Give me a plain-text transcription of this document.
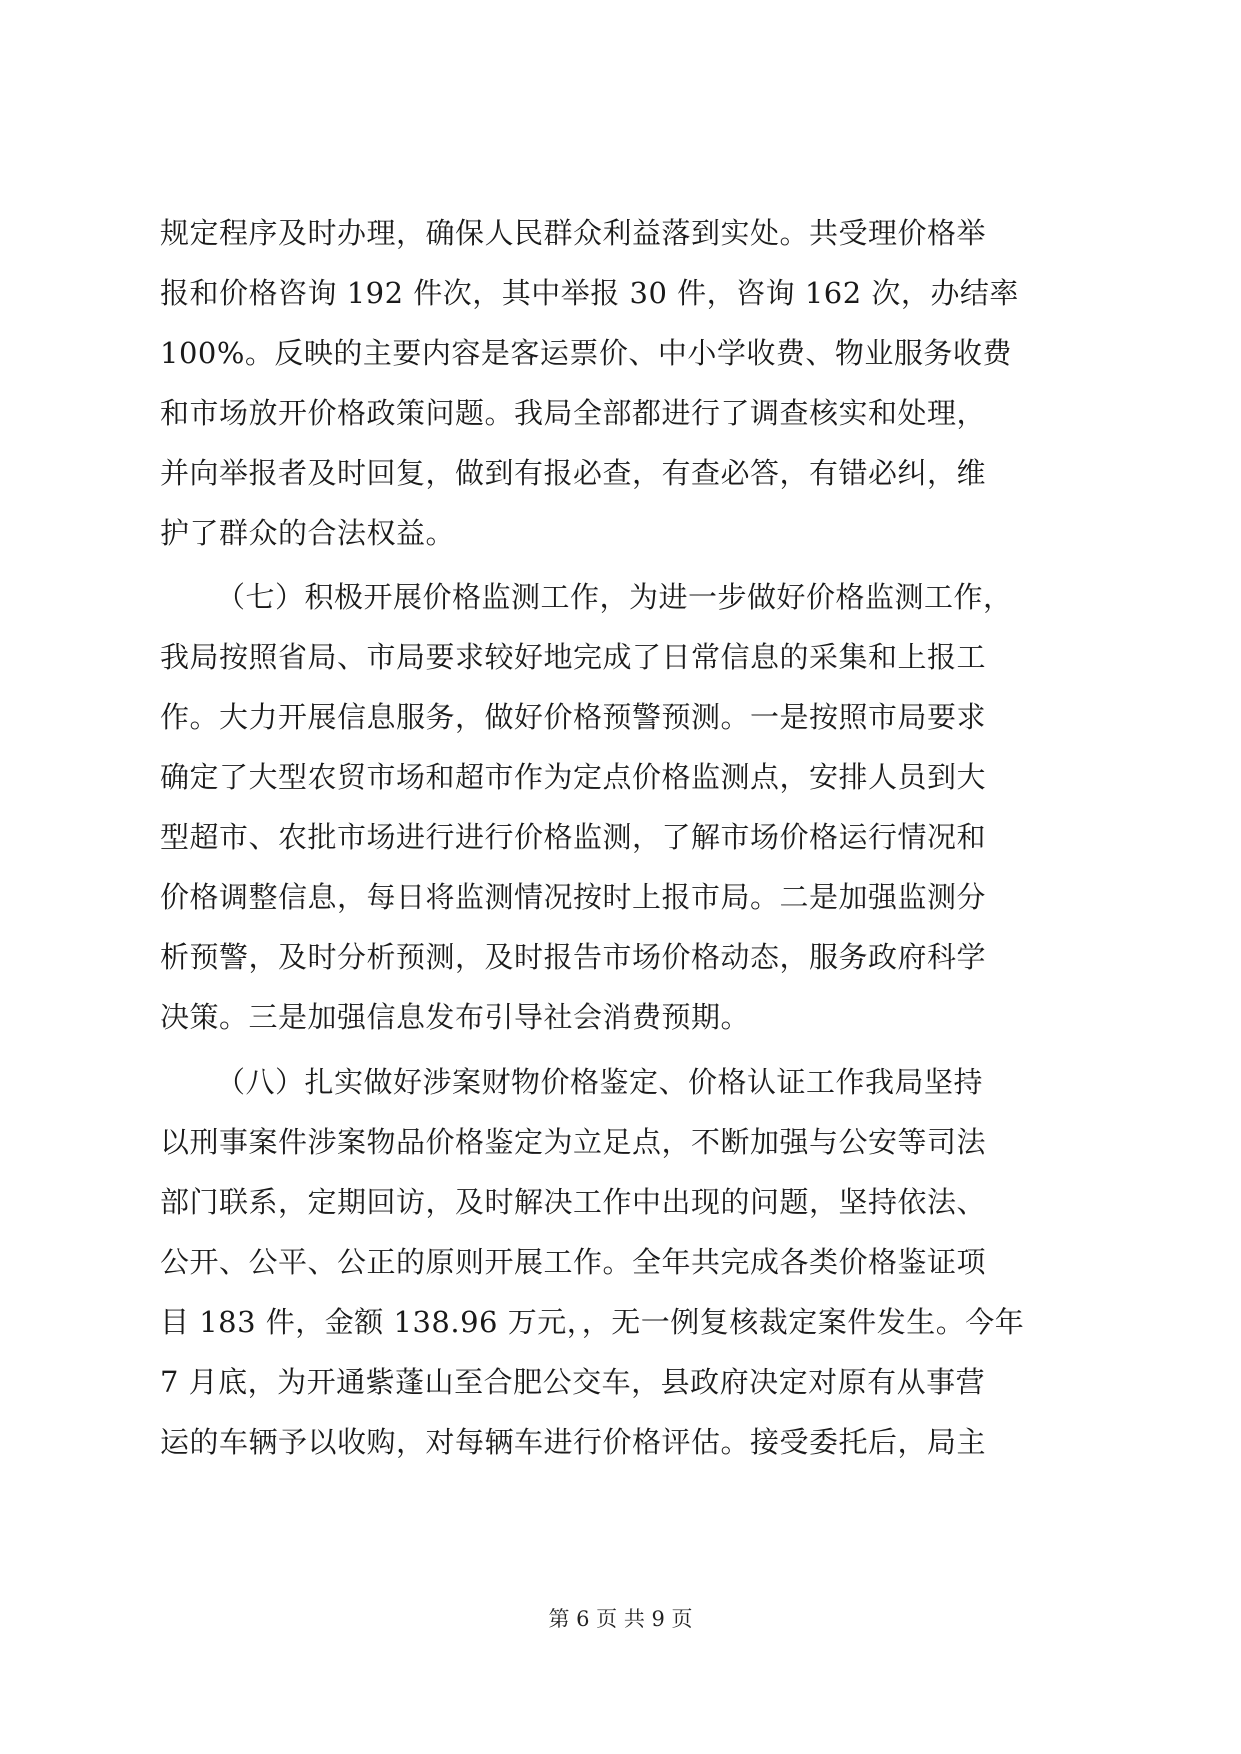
规定程序及时办理，确保人民群众利益落到实处。共受理价格举
报和价格咨询 192 件次，其中举报 30 件，咨询 162 次，办结率
100%。反映的主要内容是客运票价、中小学收费、物业服务收费
和市场放开价格政策问题。我局全部都进行了调查核实和处理，
并向举报者及时回复，做到有报必查，有查必答，有错必纠，维
护了群众的合法权益。
（七）积极开展价格监测工作，为进一步做好价格监测工作，
我局按照省局、市局要求较好地完成了日常信息的采集和上报工
作。大力开展信息服务，做好价格预警预测。一是按照市局要求
确定了大型农贸市场和超市作为定点价格监测点，安排人员到大
型超市、农批市场进行进行价格监测，了解市场价格运行情况和
价格调整信息，每日将监测情况按时上报市局。二是加强监测分
析预警，及时分析预测，及时报告市场价格动态，服务政府科学
决策。三是加强信息发布引导社会消费预期。
（八）扎实做好涉案财物价格鉴定、价格认证工作我局坚持
以刑事案件涉案物品价格鉴定为立足点，不断加强与公安等司法
部门联系，定期回访，及时解决工作中出现的问题，坚持依法、
公开、公平、公正的原则开展工作。全年共完成各类价格鉴证项
目 183 件，金额 138.96 万元，，无一例复核裁定案件发生。今年
7 月底，为开通紫蓬山至合肥公交车，县政府决定对原有从事营
运的车辆予以收购，对每辆车进行价格评估。接受委托后，局主
第 6 页 共 9 页
